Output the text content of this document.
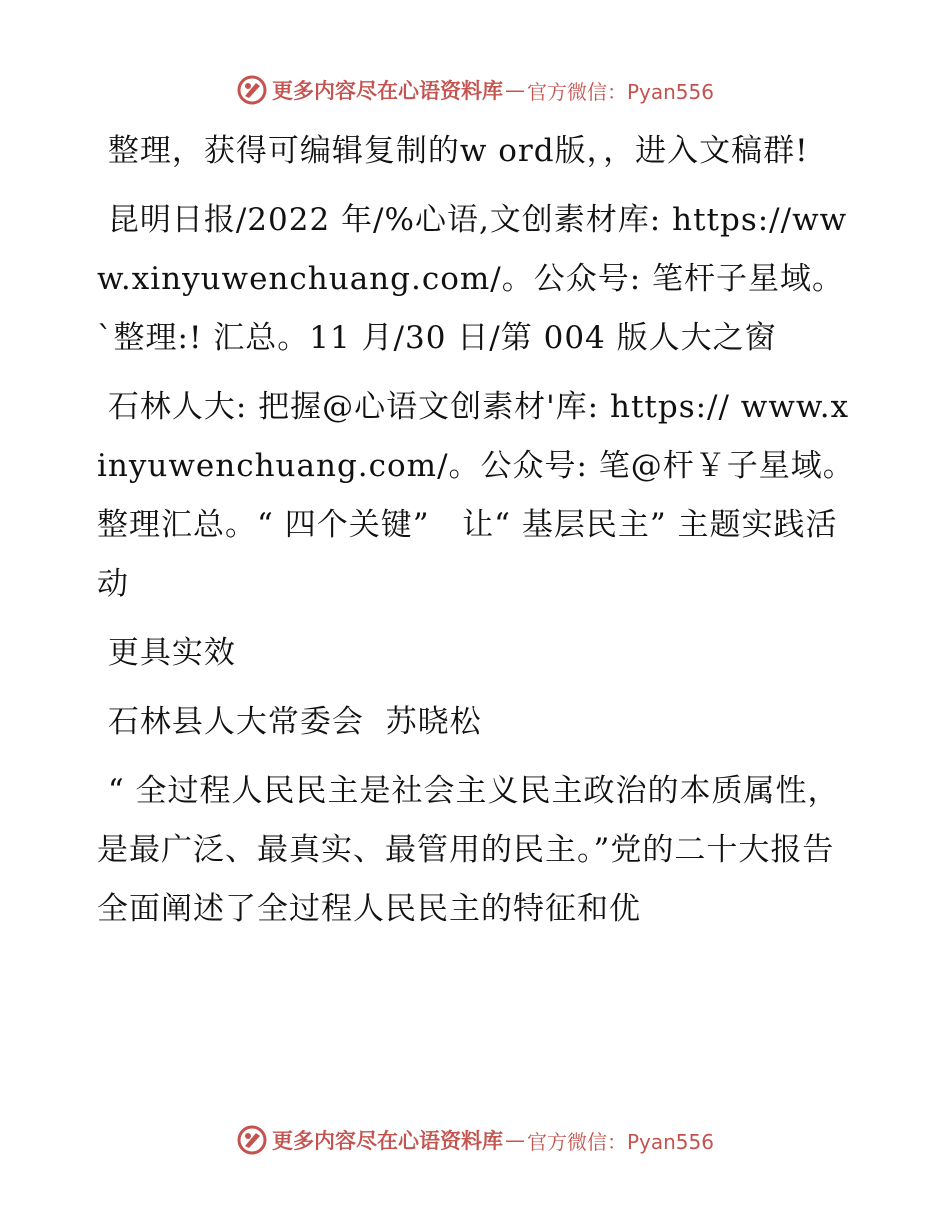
更多内容尽在心语资料库 — 官方微信：Pyan556

整理，获得可编辑复制的w ord版，，进入文稿群!

昆明日报/2022 年/%心语,文创素材库: https://www.xinyuwenchuang.com/。公众号: 笔杆子星域。`整理:! 汇总。11 月/30 日/第 004 版人大之窗

石林人大: 把握@心语文创素材'库: https:// www.xinyuwenchuang.com/。公众号: 笔@杆￥子星域。整理汇总。“ 四个关键”   让“ 基层民主” 主题实践活动

更具实效

石林县人大常委会  苏晓松

“ 全过程人民民主是社会主义民主政治的本质属性，是最广泛、最真实、最管用的民主。”党的二十大报告全面阐述了全过程人民民主的特征和优

更多内容尽在心语资料库 — 官方微信：Pyan556
